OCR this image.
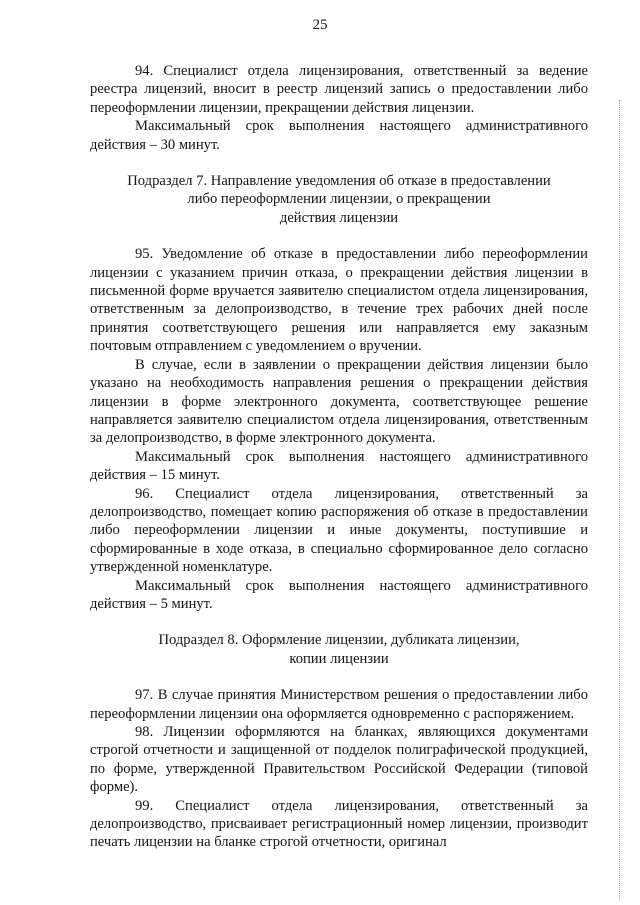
25

94. Специалист отдела лицензирования, ответственный за ведение реестра лицензий, вносит в реестр лицензий запись о предоставлении либо переоформлении лицензии, прекращении действия лицензии.

Максимальный срок выполнения настоящего административного действия – 30 минут.

Подраздел 7. Направление уведомления об отказе в предоставлении

либо переоформлении лицензии, о прекращении

действия лицензии

95. Уведомление об отказе в предоставлении либо переоформлении лицензии с указанием причин отказа, о прекращении действия лицензии в письменной форме вручается заявителю специалистом отдела лицензирования, ответственным за делопроизводство, в течение трех рабочих дней после принятия соответствующего решения или направляется ему заказным почтовым отправлением с уведомлением о вручении.

В случае, если в заявлении о прекращении действия лицензии было указано на необходимость направления решения о прекращении действия лицензии в форме электронного документа, соответствующее решение направляется заявителю специалистом отдела лицензирования, ответственным за делопроизводство, в форме электронного документа.

Максимальный срок выполнения настоящего административного действия – 15 минут.

96. Специалист отдела лицензирования, ответственный за делопроизводство, помещает копию распоряжения об отказе в предоставлении либо переоформлении лицензии и иные документы, поступившие и сформированные в ходе отказа, в специально сформированное дело согласно утвержденной номенклатуре.

Максимальный срок выполнения настоящего административного действия – 5 минут.

Подраздел 8. Оформление лицензии, дубликата лицензии,

копии лицензии

97. В случае принятия Министерством решения о предоставлении либо переоформлении лицензии она оформляется одновременно с распоряжением.

98. Лицензии оформляются на бланках, являющихся документами строгой отчетности и защищенной от подделок полиграфической продукцией, по форме, утвержденной Правительством Российской Федерации (типовой форме).

99. Специалист отдела лицензирования, ответственный за делопроизводство, присваивает регистрационный номер лицензии, производит печать лицензии на бланке строгой отчетности, оригинал
